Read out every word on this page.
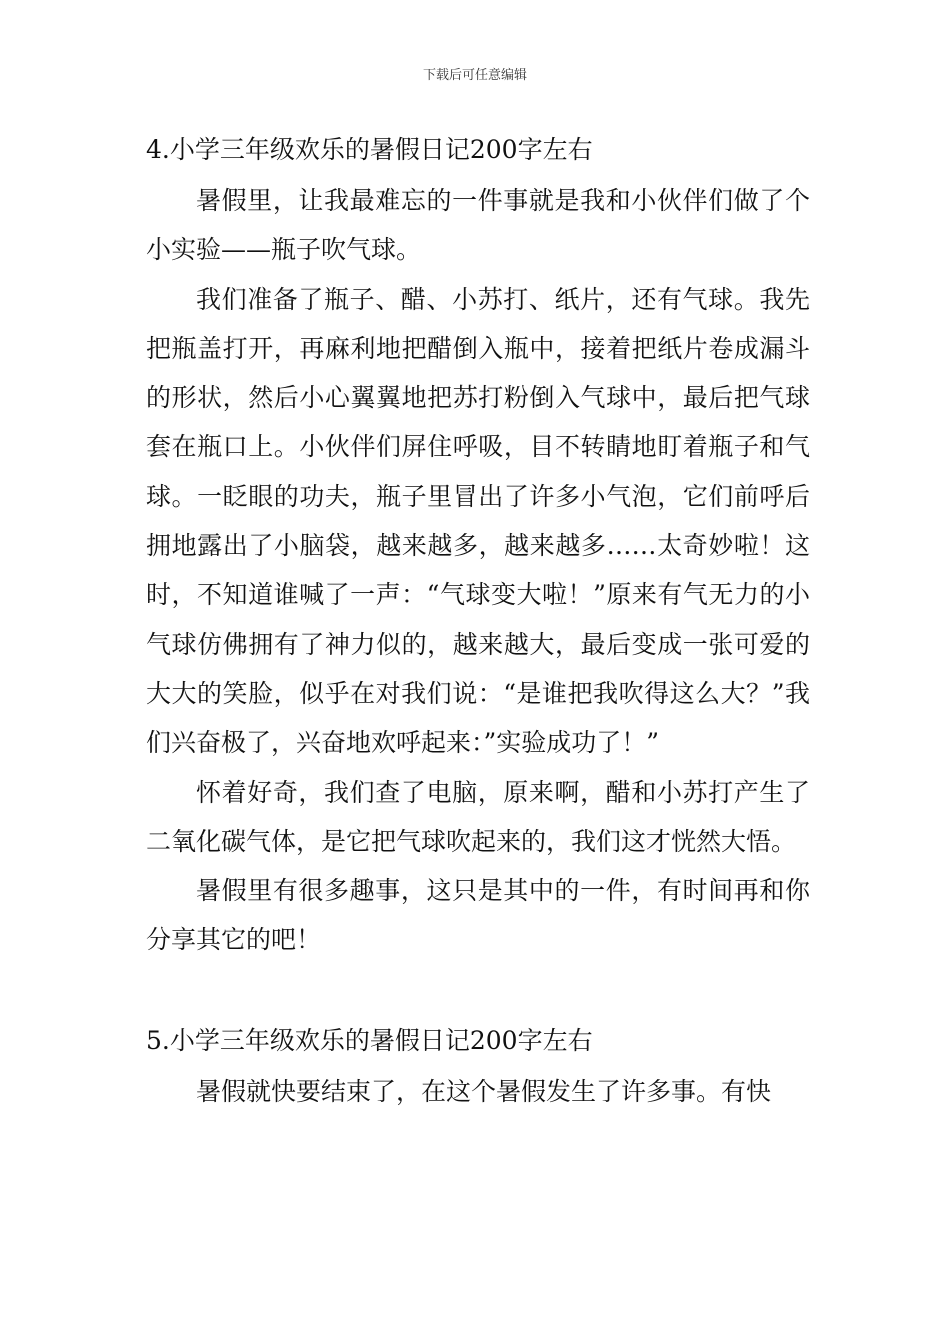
下载后可任意编辑
4.小学三年级欢乐的暑假日记200字左右

暑假里，让我最难忘的一件事就是我和小伙伴们做了个小实验——瓶子吹气球。

我们准备了瓶子、醋、小苏打、纸片，还有气球。我先把瓶盖打开，再麻利地把醋倒入瓶中，接着把纸片卷成漏斗的形状，然后小心翼翼地把苏打粉倒入气球中，最后把气球套在瓶口上。小伙伴们屏住呼吸，目不转睛地盯着瓶子和气球。一眨眼的功夫，瓶子里冒出了许多小气泡，它们前呼后拥地露出了小脑袋，越来越多，越来越多……太奇妙啦！这时，不知道谁喊了一声：“气球变大啦！”原来有气无力的小气球仿佛拥有了神力似的，越来越大，最后变成一张可爱的大大的笑脸，似乎在对我们说：“是谁把我吹得这么大？”我们兴奋极了，兴奋地欢呼起来：”实验成功了！”

怀着好奇，我们查了电脑，原来啊，醋和小苏打产生了二氧化碳气体，是它把气球吹起来的，我们这才恍然大悟。

暑假里有很多趣事，这只是其中的一件，有时间再和你分享其它的吧！

5.小学三年级欢乐的暑假日记200字左右

暑假就快要结束了，在这个暑假发生了许多事。有快
